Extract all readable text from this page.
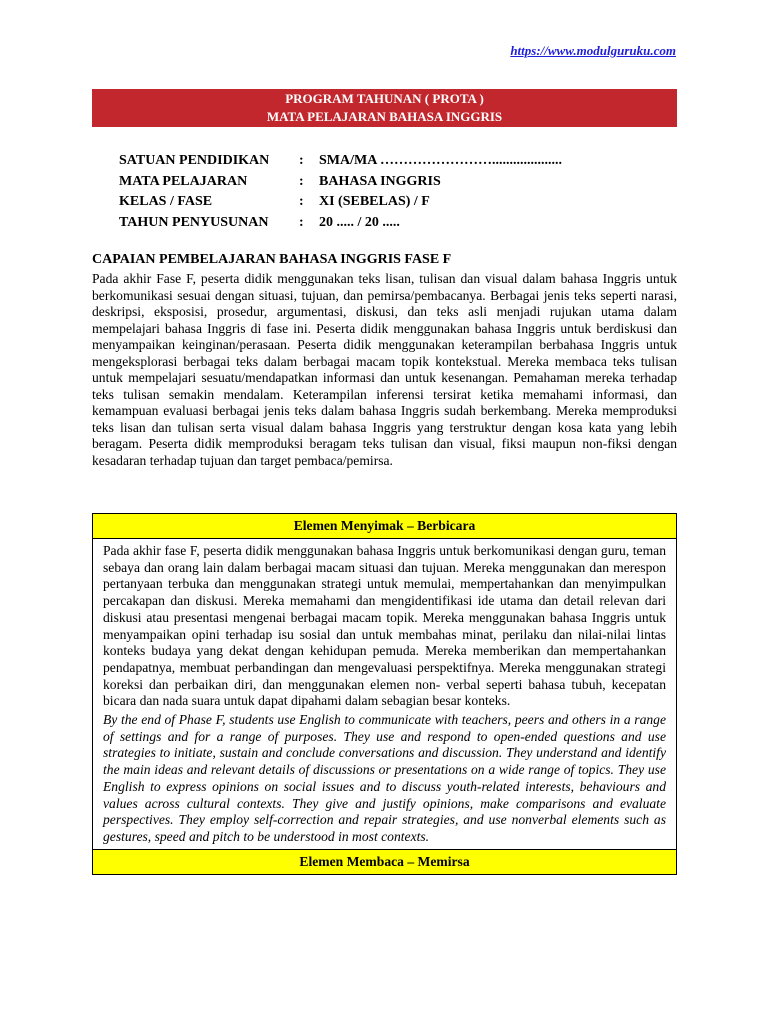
https://www.modulguruku.com
PROGRAM TAHUNAN ( PROTA )
MATA PELAJARAN BAHASA INGGRIS
SATUAN PENDIDIKAN	:	SMA/MA ……………………....................
MATA PELAJARAN	:	BAHASA INGGRIS
KELAS / FASE	:	XI (SEBELAS) / F
TAHUN PENYUSUNAN	:	20 ..... / 20 .....
CAPAIAN PEMBELAJARAN BAHASA INGGRIS FASE F
Pada akhir Fase F, peserta didik menggunakan teks lisan, tulisan dan visual dalam bahasa Inggris untuk berkomunikasi sesuai dengan situasi, tujuan, dan pemirsa/pembacanya. Berbagai jenis teks seperti narasi, deskripsi, eksposisi, prosedur, argumentasi, diskusi, dan teks asli menjadi rujukan utama dalam mempelajari bahasa Inggris di fase ini. Peserta didik menggunakan bahasa Inggris untuk berdiskusi dan menyampaikan keinginan/perasaan. Peserta didik menggunakan keterampilan berbahasa Inggris untuk mengeksplorasi berbagai teks dalam berbagai macam topik kontekstual. Mereka membaca teks tulisan untuk mempelajari sesuatu/mendapatkan informasi dan untuk kesenangan. Pemahaman mereka terhadap teks tulisan semakin mendalam. Keterampilan inferensi tersirat ketika memahami informasi, dan kemampuan evaluasi berbagai jenis teks dalam bahasa Inggris sudah berkembang. Mereka memproduksi teks lisan dan tulisan serta visual dalam bahasa Inggris yang terstruktur dengan kosa kata yang lebih beragam. Peserta didik memproduksi beragam teks tulisan dan visual, fiksi maupun non-fiksi dengan kesadaran terhadap tujuan dan target pembaca/pemirsa.
Elemen Menyimak – Berbicara

Pada akhir fase F, peserta didik menggunakan bahasa Inggris untuk berkomunikasi dengan guru, teman sebaya dan orang lain dalam berbagai macam situasi dan tujuan. Mereka menggunakan dan merespon pertanyaan terbuka dan menggunakan strategi untuk memulai, mempertahankan dan menyimpulkan percakapan dan diskusi. Mereka memahami dan mengidentifikasi ide utama dan detail relevan dari diskusi atau presentasi mengenai berbagai macam topik. Mereka menggunakan bahasa Inggris untuk menyampaikan opini terhadap isu sosial dan untuk membahas minat, perilaku dan nilai-nilai lintas konteks budaya yang dekat dengan kehidupan pemuda. Mereka memberikan dan mempertahankan pendapatnya, membuat perbandingan dan mengevaluasi perspektifnya. Mereka menggunakan strategi koreksi dan perbaikan diri, dan menggunakan elemen non- verbal seperti bahasa tubuh, kecepatan bicara dan nada suara untuk dapat dipahami dalam sebagian besar konteks.

By the end of Phase F, students use English to communicate with teachers, peers and others in a range of settings and for a range of purposes. They use and respond to open-ended questions and use strategies to initiate, sustain and conclude conversations and discussion. They understand and identify the main ideas and relevant details of discussions or presentations on a wide range of topics. They use English to express opinions on social issues and to discuss youth-related interests, behaviours and values across cultural contexts. They give and justify opinions, make comparisons and evaluate perspectives. They employ self-correction and repair strategies, and use nonverbal elements such as gestures, speed and pitch to be understood in most contexts.

Elemen Membaca – Memirsa
